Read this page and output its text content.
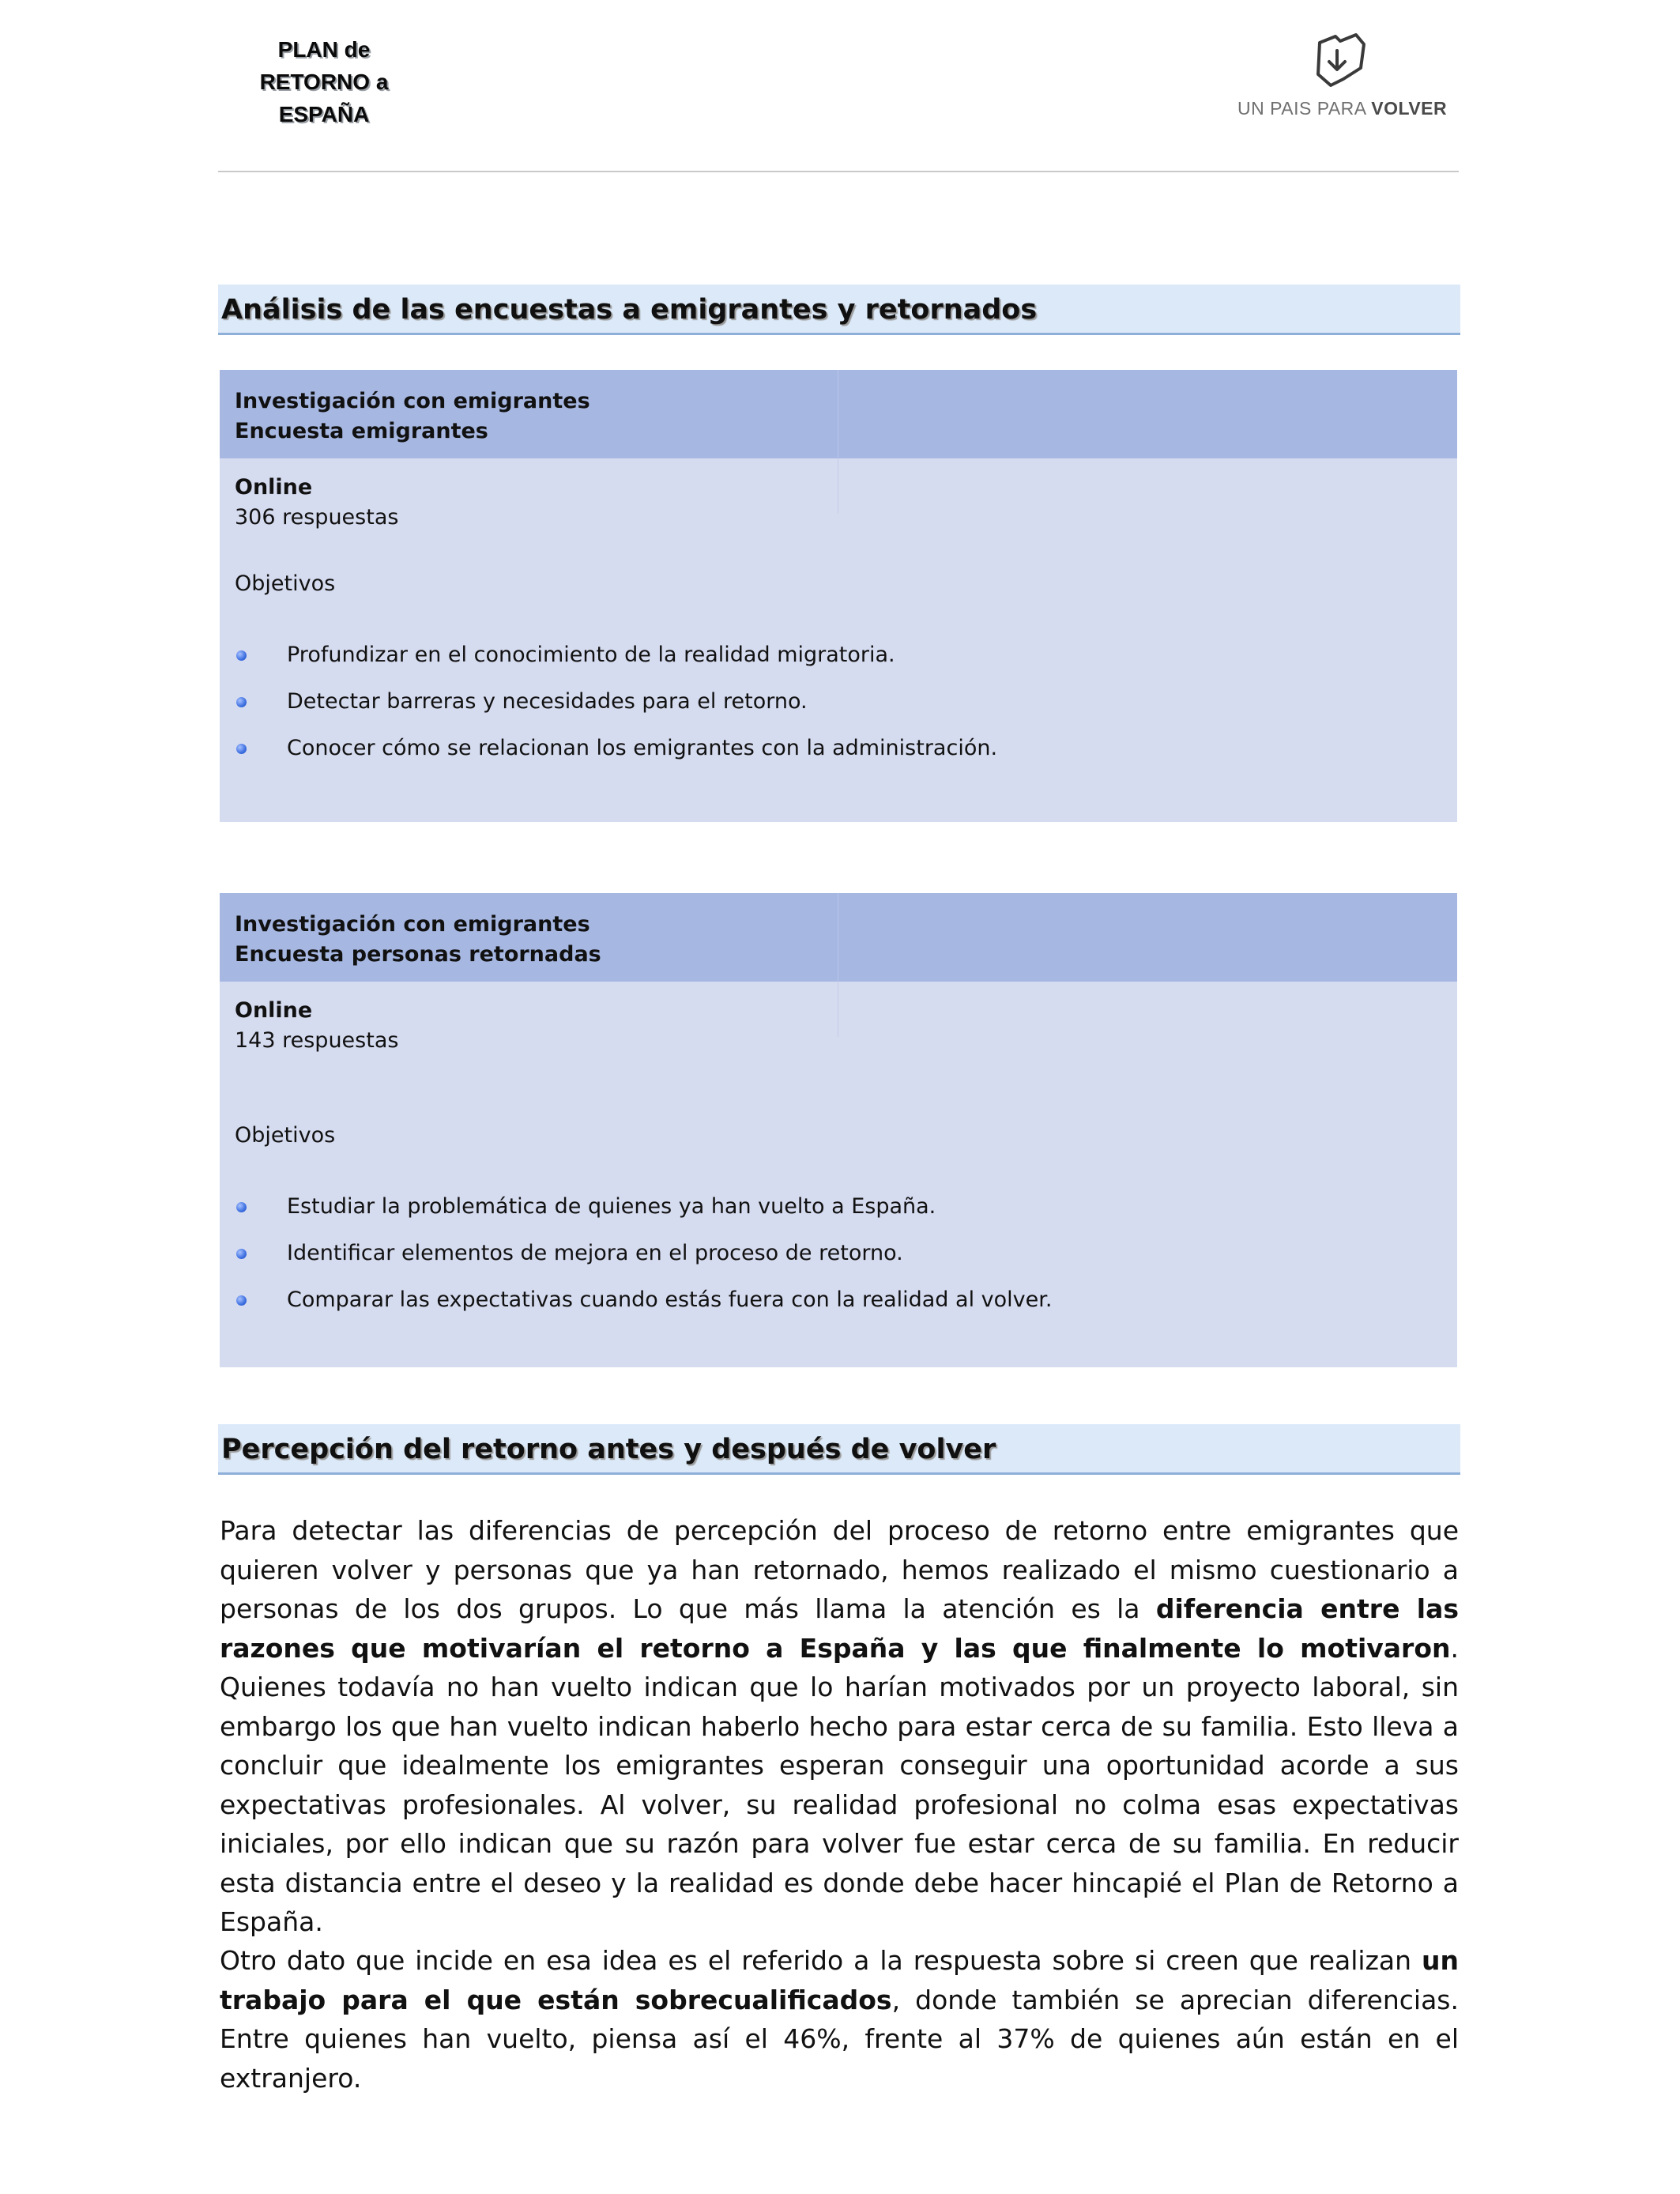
PLAN de
RETORNO a
ESPAÑA	UN PAIS PARA VOLVER
Análisis de las encuestas a emigrantes y retornados
Investigación con emigrantes
Encuesta emigrantes
Online
306 respuestas
Objetivos
Profundizar en el conocimiento de la realidad migratoria.
Detectar barreras y necesidades para el retorno.
Conocer cómo se relacionan los emigrantes con la administración.
Investigación con emigrantes
Encuesta personas retornadas
Online
143 respuestas
Objetivos
Estudiar la problemática de quienes ya han vuelto a España.
Identificar elementos de mejora en el proceso de retorno.
Comparar las expectativas cuando estás fuera con la realidad al volver.
Percepción del retorno antes y después de volver

Para detectar las diferencias de percepción del proceso de retorno entre emigrantes que quieren volver y personas que ya han retornado, hemos realizado el mismo cuestionario a personas de los dos grupos. Lo que más llama la atención es la diferencia entre las razones que motivarían el retorno a España y las que finalmente lo motivaron. Quienes todavía no han vuelto indican que lo harían motivados por un proyecto laboral, sin embargo los que han vuelto indican haberlo hecho para estar cerca de su familia. Esto lleva a concluir que idealmente los emigrantes esperan conseguir una oportunidad acorde a sus expectativas profesionales. Al volver, su realidad profesional no colma esas expectativas iniciales, por ello indican que su razón para volver fue estar cerca de su familia. En reducir esta distancia entre el deseo y la realidad es donde debe hacer hincapié el Plan de Retorno a España.

Otro dato que incide en esa idea es el referido a la respuesta sobre si creen que realizan un trabajo para el que están sobrecualificados, donde también se aprecian diferencias. Entre quienes han vuelto, piensa así el 46%, frente al 37% de quienes aún están en el extranjero.
